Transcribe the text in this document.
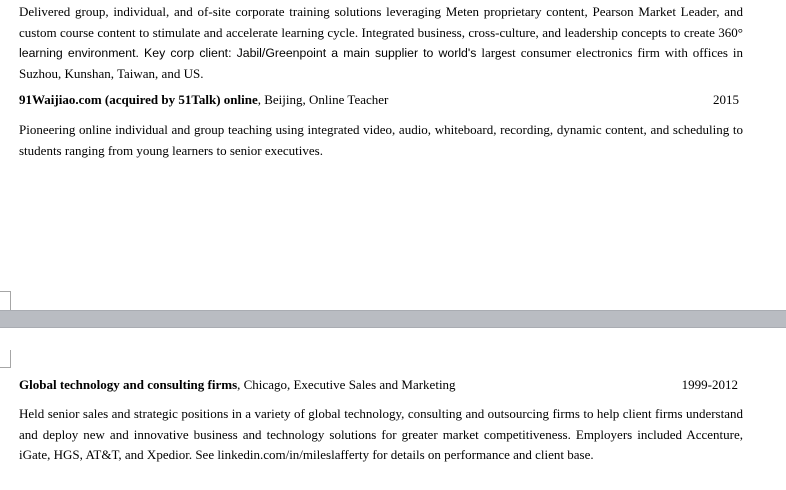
Delivered group, individual, and of-site corporate training solutions leveraging Meten proprietary content, Pearson Market Leader, and custom course content to stimulate and accelerate learning cycle. Integrated business, cross-culture, and leadership concepts to create 360° learning environment. Key corp client: Jabil/Greenpoint a main supplier to world's largest consumer electronics firm with offices in Suzhou, Kunshan, Taiwan, and US.

91Waijiao.com (acquired by 51Talk) online, Beijing, Online Teacher	2015

Pioneering online individual and group teaching using integrated video, audio, whiteboard, recording, dynamic content, and scheduling to students ranging from young learners to senior executives.

Global technology and consulting firms, Chicago, Executive Sales and Marketing	1999-2012

Held senior sales and strategic positions in a variety of global technology, consulting and outsourcing firms to help client firms understand and deploy new and innovative business and technology solutions for greater market competitiveness. Employers included Accenture, iGate, HGS, AT&T, and Xpedior. See linkedin.com/in/mileslafferty for details on performance and client base.
